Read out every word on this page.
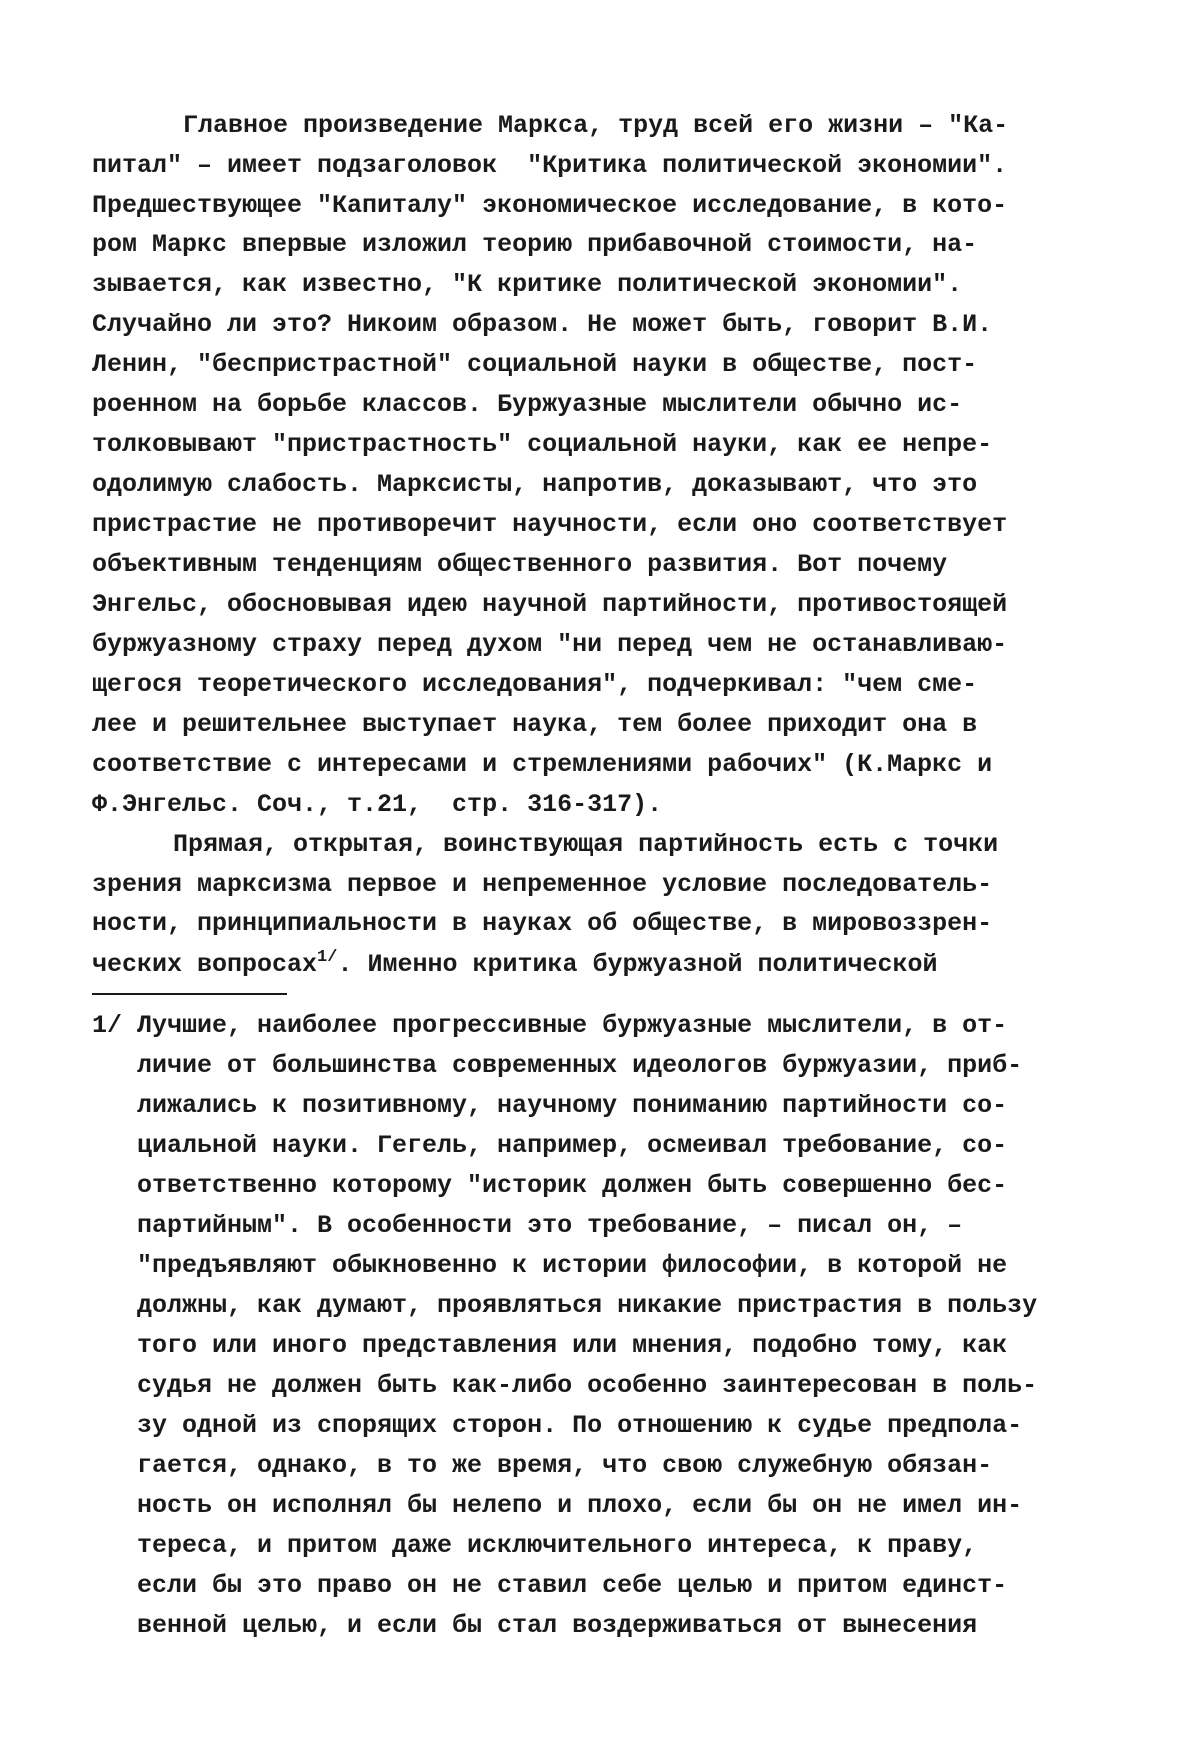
Главное произведение Маркса, труд всей его жизни – "Ка-
питал" – имеет подзаголовок  "Критика политической экономии".
Предшествующее "Капиталу" экономическое исследование, в кото-
ром Маркс впервые изложил теорию прибавочной стоимости, на-
зывается, как известно, "К критике политической экономии".
Случайно ли это? Никоим образом. Не может быть, говорит В.И.
Ленин, "беспристрастной" социальной науки в обществе, пост-
роенном на борьбе классов. Буржуазные мыслители обычно ис-
толковывают "пристрастность" социальной науки, как ее непре-
одолимую слабость. Марксисты, напротив, доказывают, что это
пристрастие не противоречит научности, если оно соответствует
объективным тенденциям общественного развития. Вот почему
Энгельс, обосновывая идею научной партийности, противостоящей
буржуазному страху перед духом "ни перед чем не останавливаю-
щегося теоретического исследования", подчеркивал: "чем сме-
лее и решительнее выступает наука, тем более приходит она в
соответствие с интересами и стремлениями рабочих" (К.Маркс и
Ф.Энгельс. Соч., т.21,  стр. 316-317).
Прямая, открытая, воинствующая партийность есть с точки
зрения марксизма первое и непременное условие последователь-
ности, принципиальности в науках об обществе, в мировоззрен-
ческих вопросах1/. Именно критика буржуазной политической
1/ Лучшие, наиболее прогрессивные буржуазные мыслители, в от-
личие от большинства современных идеологов буржуазии, приб-
лижались к позитивному, научному пониманию партийности со-
циальной науки. Гегель, например, осмеивал требование, со-
ответственно которому "историк должен быть совершенно бес-
партийным". В особенности это требование, – писал он, –
"предъявляют обыкновенно к истории философии, в которой не
должны, как думают, проявляться никакие пристрастия в пользу
того или иного представления или мнения, подобно тому, как
судья не должен быть как-либо особенно заинтересован в поль-
зу одной из спорящих сторон. По отношению к судье предпола-
гается, однако, в то же время, что свою служебную обязан-
ность он исполнял бы нелепо и плохо, если бы он не имел ин-
тереса, и притом даже исключительного интереса, к праву,
если бы это право он не ставил себе целью и притом единст-
венной целью, и если бы стал воздерживаться от вынесения
